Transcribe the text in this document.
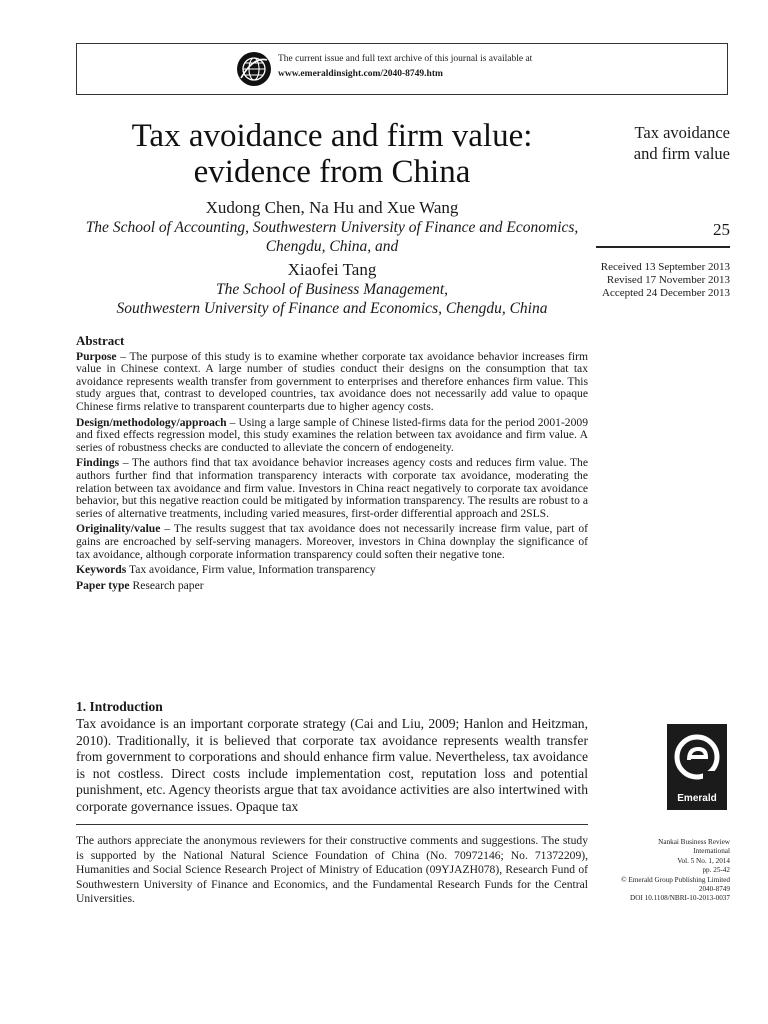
The current issue and full text archive of this journal is available at
www.emeraldinsight.com/2040-8749.htm
Tax avoidance and firm value:
evidence from China
Xudong Chen, Na Hu and Xue Wang
The School of Accounting, Southwestern University of Finance and Economics,
Chengdu, China, and
Xiaofei Tang
The School of Business Management,
Southwestern University of Finance and Economics, Chengdu, China
Tax avoidance
and firm value
25
Received 13 September 2013
Revised 17 November 2013
Accepted 24 December 2013
Abstract

Purpose – The purpose of this study is to examine whether corporate tax avoidance behavior increases firm value in Chinese context. A large number of studies conduct their designs on the consumption that tax avoidance represents wealth transfer from government to enterprises and therefore enhances firm value. This study argues that, contrast to developed countries, tax avoidance does not necessarily add value to opaque Chinese firms relative to transparent counterparts due to higher agency costs.

Design/methodology/approach – Using a large sample of Chinese listed-firms data for the period 2001-2009 and fixed effects regression model, this study examines the relation between tax avoidance and firm value. A series of robustness checks are conducted to alleviate the concern of endogeneity.

Findings – The authors find that tax avoidance behavior increases agency costs and reduces firm value. The authors further find that information transparency interacts with corporate tax avoidance, moderating the relation between tax avoidance and firm value. Investors in China react negatively to corporate tax avoidance behavior, but this negative reaction could be mitigated by information transparency. The results are robust to a series of alternative treatments, including varied measures, first-order differential approach and 2SLS.

Originality/value – The results suggest that tax avoidance does not necessarily increase firm value, part of gains are encroached by self-serving managers. Moreover, investors in China downplay the significance of tax avoidance, although corporate information transparency could soften their negative tone.

Keywords Tax avoidance, Firm value, Information transparency

Paper type Research paper

1. Introduction
Tax avoidance is an important corporate strategy (Cai and Liu, 2009; Hanlon and Heitzman, 2010). Traditionally, it is believed that corporate tax avoidance represents wealth transfer from government to corporations and should enhance firm value. Nevertheless, tax avoidance is not costless. Direct costs include implementation cost, reputation loss and potential punishment, etc. Agency theorists argue that tax avoidance activities are also intertwined with corporate governance issues. Opaque tax
The authors appreciate the anonymous reviewers for their constructive comments and suggestions. The study is supported by the National Natural Science Foundation of China (No. 70972146; No. 71372209), Humanities and Social Science Research Project of Ministry of Education (09YJAZH078), Research Fund of Southwestern University of Finance and Economics, and the Fundamental Research Funds for the Central Universities.
Emerald
Nankai Business Review
International
Vol. 5 No. 1, 2014
pp. 25-42
© Emerald Group Publishing Limited
2040-8749
DOI 10.1108/NBRI-10-2013-0037
